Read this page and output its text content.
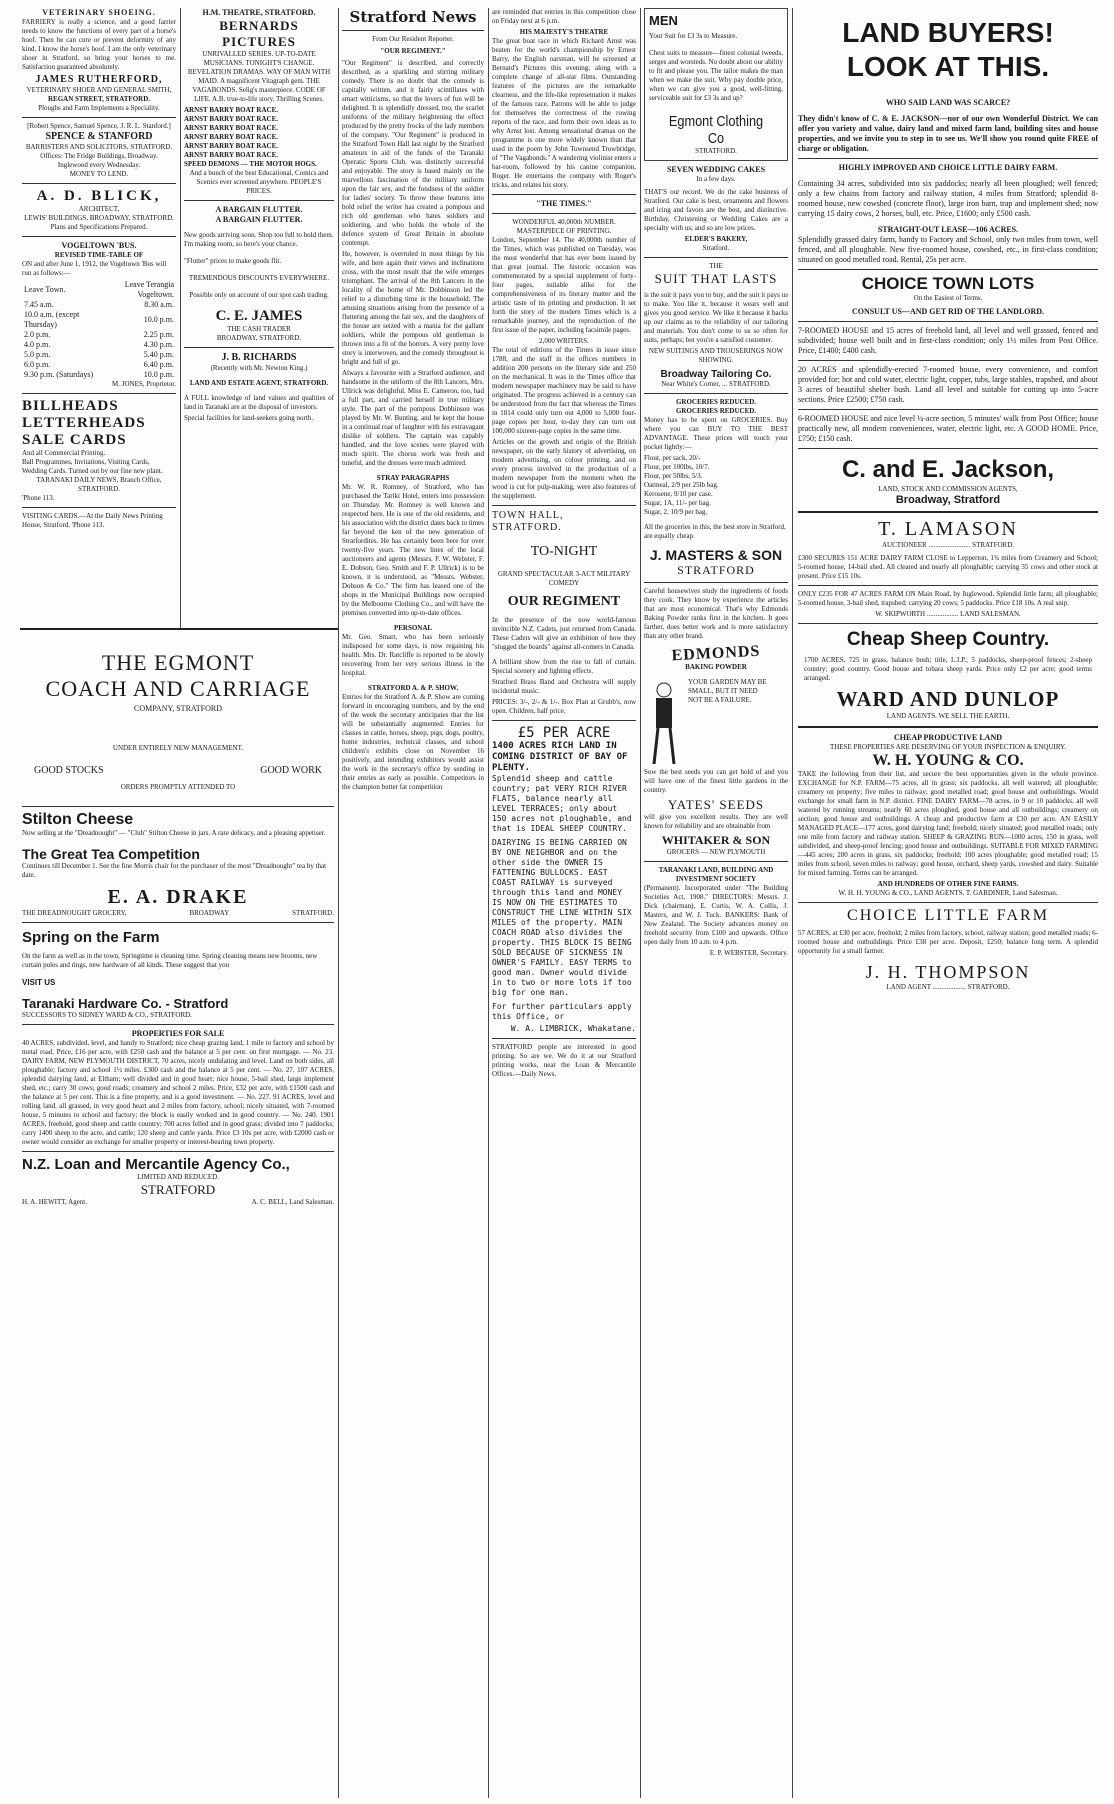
VETERINARY SHOEING.

FARRIERY is really a science, and a good farrier needs to know the functions of every part of a horse's hoof. Then he can cure or prevent deformity of any kind. I know the horse's hoof. I am the only veterinary shoer in Stratford, so bring your horses to me. Satisfaction guaranteed absolutely.

JAMES RUTHERFORD,
VETERINARY SHOER AND GENERAL SMITH,
REGAN STREET, STRATFORD.
Ploughs and Farm Implements a Speciality.
[Robert Spence, Samuel Spence, J. R. L. Stanford.]
SPENCE & STANFORD
BARRISTERS AND SOLICITORS, STRATFORD.
Offices: The Fridge Buildings, Broadway.
Inglewood every Wednesday.
MONEY TO LEND.
A. D. BLICK,
ARCHITECT,
LEWIS' BUILDINGS, BROADWAY, STRATFORD.
Plans and Specifications Prepared.
VOGELTOWN 'BUS.
REVISED TIME-TABLE OF

ON and after June 1, 1912, the Vogeltown 'Bus will run as follows:—

Leave Town.	Leave Terangia Vogeltown.
7.45 a.m.	8.30 a.m.
10.0 a.m. (except Thursday)	10.0 p.m.
2.0 p.m.	2.25 p.m.
4.0 p.m.	4.30 p.m.
5.0 p.m.	5.40 p.m.
6.0 p.m.	6.40 p.m.
9.30 p.m. (Saturdays)	10.0 p.m.
M. JONES, Proprietor.
BILLHEADS
LETTERHEADS
SALE CARDS
And all Commercial Printing.
Ball Programmes, Invitations, Visiting Cards, Wedding Cards. Turned out by our fine new plant.
TARANAKI DAILY NEWS, Branch Office, STRATFORD.
'Phone 113.
VISITING CARDS.—At the Daily News Printing House, Stratford. 'Phone 113.
H.M. THEATRE, STRATFORD.
BERNARDS PICTURES

UNRIVALLED SERIES. UP-TO-DATE MUSICIANS. TONIGHT'S CHANGE. REVELATION DRAMAS. WAY OF MAN WITH MAID. A magnificent Vitagraph gem. THE VAGABONDS. Selig's masterpiece. CODE OF LIFE. A.B. true-to-life story. Thrilling Scenes.

ARNST BARRY BOAT RACE.
ARNST BARRY BOAT RACE.
ARNST BARRY BOAT RACE.
ARNST BARRY BOAT RACE.
ARNST BARRY BOAT RACE.
ARNST BARRY BOAT RACE.
SPEED DEMONS — THE MOTOR HOGS.

And a bunch of the best Educational, Comics and Scenics ever screened anywhere. PEOPLE'S PRICES.

A BARGAIN FLUTTER.
A BARGAIN FLUTTER.

New goods arriving soon. Shop too full to hold them. I'm making room, so here's your chance.

"Flutter" prices to make goods flit.

TREMENDOUS DISCOUNTS EVERYWHERE.

Possible only on account of our spot cash trading.

C. E. JAMES
THE CASH TRADER
BROADWAY, STRATFORD.
J. B. RICHARDS
(Recently with Mr. Newton King.)
LAND AND ESTATE AGENT, STRATFORD.

A FULL knowledge of land values and qualities of land in Taranaki are at the disposal of investors.

Special facilities for land-seekers going north.

THE EGMONT
COACH AND CARRIAGE
COMPANY, STRATFORD
UNDER ENTIRELY NEW MANAGEMENT.
GOOD STOCKS	GOOD WORK
ORDERS PROMPTLY ATTENDED TO
Stilton Cheese

Now selling at the "Dreadnought" — "Club" Stilton Cheese in jars. A rare delicacy, and a pleasing appetiser.

The Great Tea Competition

Continues till December 1. See the fine Morris chair for the purchaser of the most "Dreadnought" tea by that date.

E. A. DRAKE
THE DREADNOUGHT GROCERY,	BROADWAY	STRATFORD.
Spring on the Farm

On the farm as well as in the town, Springtime is cleaning time. Spring cleaning means new brooms, new curtain poles and rings, new hardware of all kinds. These suggest that you

VISIT US
Taranaki Hardware Co. - Stratford
SUCCESSORS TO SIDNEY WARD & CO., STRATFORD.
PROPERTIES FOR SALE

40 ACRES, subdivided, level, and handy to Stratford; nice cheap grazing land, 1 mile to factory and school by metal road. Price, £16 per acre, with £250 cash and the balance at 5 per cent. on first mortgage. — No. 23. DAIRY FARM, NEW PLYMOUTH DISTRICT, 70 acres, nicely undulating and level. Land on both sides, all ploughable; factory and school 1½ miles. £300 cash and the balance at 5 per cent. — No. 27. 107 ACRES, splendid dairying land, at Eltham; well divided and in good heart; nice house, 5-bail shed, large implement shed, etc.; carry 30 cows; good roads; creamery and school 2 miles. Price, £32 per acre, with £1500 cash and the balance at 5 per cent. This is a fine property, and is a good investment. — No. 227. 91 ACRES, level and rolling land, all grassed, in very good heart and 2 miles from factory, school; nicely situated, with 7-roomed house, 5 minutes to school and factory; the block is easily worked and in good country. — No. 240. 1901 ACRES, freehold, good sheep and cattle country; 700 acres felled and in good grass; divided into 7 paddocks; carry 1400 sheep to the acre, and cattle; 120 sheep and cattle yards. Price £3 10s per acre, with £2000 cash or owner would consider an exchange for smaller property or interest-bearing town property.

N.Z. Loan and Mercantile Agency Co.,
LIMITED AND REDUCED.
STRATFORD
H. A. HEWITT, Agent.	A. C. BELL, Land Salesman.
Stratford News
From Our Resident Reporter.
"OUR REGIMENT."

"Our Regiment" is described, and correctly described, as a sparkling and stirring military comedy. There is no doubt that the comedy is capitally written, and it fairly scintillates with smart witticisms, so that the lovers of fun will be delighted. It is splendidly dressed, too, the scarlet uniforms of the military heightening the effect produced by the pretty frocks of the lady members of the company. "Our Regiment" is produced in the Stratford Town Hall last night by the Stratford amateurs in aid of the funds of the Taranaki Operatic Sports Club, was distinctly successful and enjoyable. The story is based mainly on the marvellous fascination of the military uniform upon the fair sex, and the fondness of the soldier for ladies' society. To throw these features into bold relief the writer has created a pompous and rich old gentleman who hates soldiers and soldiering, and who holds the whole of the defence system of Great Britain in absolute contempt.

He, however, is overruled in most things by his wife, and here again their views and inclinations cross, with the most result that the wife emerges triumphant. The arrival of the 8th Lancers in the locality of the home of Mr. Dobbinson led the relief to a disturbing time in the household. The amusing situations arising from the presence of a fluttering among the fair sex, and the daughters of the house are seized with a mania for the gallant soldiers, while the pompous old gentleman is thrown into a fit of the horrors. A very pretty love story is interwoven, and the comedy throughout is bright and full of go.

Always a favourite with a Stratford audience, and handsome in the uniform of the 8th Lancers, Mrs. Ullrick was delightful. Miss E. Cameron, too, had a full part, and carried herself in true military style. The part of the pompous Dobbinson was played by Mr. W. Bunting, and he kept the house in a continual roar of laughter with his extravagant dislike of soldiers. The captain was capably handled, and the love scenes were played with much spirit. The chorus work was fresh and tuneful, and the dresses were much admired.

STRAY PARAGRAPHS

Mr. W. R. Romney, of Stratford, who has purchased the Tariki Hotel, enters into possession on Thursday. Mr. Romney is well known and respected here. He is one of the old residents, and his association with the district dates back to times far beyond the ken of the new generation of Stratfordites. He has certainly been here for over twenty-five years. The new lines of the local auctioneers and agents (Messrs. F. W. Webster, F. E. Dobson, Geo. Smith and F. P. Ullrick) is to be known, it is understood, as "Messrs. Webster, Dobson & Co." The firm has leased one of the shops in the Municipal Buildings now occupied by the Melbourne Clothing Co., and will have the premises converted into up-to-date offices.

PERSONAL

Mr. Geo. Smart, who has been seriously indisposed for some days, is now regaining his health. Mrs. Dr. Ratcliffe is reported to be slowly recovering from her very serious illness in the hospital.

STRATFORD A. & P. SHOW.

Entries for the Stratford A. & P. Show are coming forward in encouraging numbers, and by the end of the week the secretary anticipates that the list will be substantially augmented. Entries for classes in cattle, horses, sheep, pigs, dogs, poultry, home industries, technical classes, and school children's exhibits close on November 16 positively, and intending exhibitors would assist the work in the secretary's office by sending in their entries as early as possible. Competitors in the champion butter fat competition

are reminded that entries in this competition close on Friday next at 6 p.m.

HIS MAJESTY'S THEATRE

The great boat race in which Richard Arnst was beaten for the world's championship by Ernest Barry, the English oarsman, will be screened at Bernard's Pictures this evening, along with a complete change of all-star films. Outstanding features of the pictures are the remarkable clearness, and the life-like representation it makes of the famous race. Patrons will be able to judge for themselves the correctness of the rowing reports of the race, and form their own ideas as to why Arnst lost. Among sensational dramas on the programme is one more widely known than that used in the poem by John Townsend Trowbridge, of "The Vagabonds." A wandering violinist enters a bar-room, followed by his canine companion, Roger. He entertains the company with Roger's tricks, and relates his story.

"THE TIMES."
WONDERFUL 40,000th NUMBER.
MASTERPIECE OF PRINTING.

London, September 14. The 40,000th number of the Times, which was published on Tuesday, was the most wonderful that has ever been issued by that great journal. The historic occasion was commemorated by a special supplement of forty-four pages, suitable alike for the comprehensiveness of its literary matter and the artistic taste of its printing and production. It set forth the story of the modern Times which is a remarkable journey, and the reproduction of the first issue of the paper, including facsimile pages.

2,000 WRITERS.

The total of editions of the Times in issue since 1788, and the staff in the offices numbers in addition 200 persons on the literary side and 250 on the mechanical. It was in the Times office that modern newspaper machinery may be said to have originated. The progress achieved in a century can be understood from the fact that whereas the Times in 1814 could only turn out 4,000 to 5,000 four-page copies per hour, to-day they can turn out 100,000 sixteen-page copies in the same time.

Articles on the growth and origin of the British newspaper, on the early history of advertising, on modern advertising, on colour printing, and on every process involved in the production of a modern newspaper from the moment when the wood is cut for pulp-making, were also features of the supplement.

TOWN HALL, STRATFORD.
TO-NIGHT
GRAND SPECTACULAR 3-ACT MILITARY COMEDY
OUR REGIMENT

In the presence of the now world-famous invincible N.Z. Cadets, just returned from Canada. These Cadets will give an exhibition of how they "slugged the boards" against all-comers in Canada.

A brilliant show from the rise to fall of curtain. Special scenery and lighting effects.

Stratford Brass Band and Orchestra will supply incidental music.

PRICES: 3/-, 2/- & 1/-. Box Plan at Grubb's, now open. Children, half price.

£5 PER ACRE
1400 ACRES RICH LAND IN COMING DISTRICT OF BAY OF PLENTY.

Splendid sheep and cattle country; pat VERY RICH RIVER FLATS, balance nearly all LEVEL TERRACES; only about 150 acres not ploughable, and that is IDEAL SHEEP COUNTRY.

DAIRYING IS BEING CARRIED ON BY ONE NEIGHBOR and on the other side the OWNER IS FATTENING BULLOCKS. EAST COAST RAILWAY is surveyed through this land and MONEY IS NOW ON THE ESTIMATES TO CONSTRUCT THE LINE WITHIN SIX MILES of the property. MAIN COACH ROAD also divides the property. THIS BLOCK IS BEING SOLD BECAUSE OF SICKNESS IN OWNER'S FAMILY. EASY TERMS to good man. Owner would divide in to two or more lots if too big for one man.

For further particulars apply this Office, or

W. A. LIMBRICK, Whakatane.

STRATFORD people are interested in good printing. So are we. We do it at our Stratford printing works, near the Loan & Mercantile Offices.—Daily News.

MEN
Your Suit for £3 3s to Measure.

Chest suits to measure—finest colonial tweeds, serges and worsteds. No doubt about our ability to fit and please you. The tailor makes the man when we make the suit. Why pay double price, when we can give you a good, well-fitting, serviceable suit for £3 3s and up?

Egmont Clothing Co
STRATFORD.
SEVEN WEDDING CAKES
In a few days.

THAT'S our record. We do the cake business of Stratford. Our cake is best, ornaments and flowers and icing and favors are the best, and distinctive. Birthday, Christening or Wedding Cakes are a specialty with us; and so are low prices.

ELDER'S BAKERY,
Stratford.
THE
SUIT THAT LASTS

is the suit it pays you to buy, and the suit it pays us to make. You like it, because it wears well and gives you good service. We like it because it backs up our claims as to the reliability of our tailoring and materials. You don't come to us so often for suits, perhaps; but you're a satisfied customer.

NEW SUITINGS AND TROUSERINGS NOW SHOWING.
Broadway Tailoring Co.
Near White's Corner, ... STRATFORD.
GROCERIES REDUCED.
GROCERIES REDUCED.

Money has to be spent on GROCERIES. Buy where you can BUY TO THE BEST ADVANTAGE. These prices will touch your pocket lightly:—

Flour, per sack, 20/-
Flour, per 100lbs, 10/7.
Flour, per 50lbs, 5/3.
Oatmeal, 2/9 per 25lb bag.
Kerosene, 9/10 per case.
Sugar, 1A, 11/- per bag.
Sugar, 2, 10/9 per bag.

All the groceries in this, the best store in Stratford, are equally cheap.

J. MASTERS & SON
STRATFORD

Careful housewives study the ingredients of foods they cook. They know by experience the articles that are most economical. That's why Edmonds Baking Powder ranks first in the kitchen. It goes farther, does better work and is more satisfactory than any other brand.

EDMONDS
BAKING POWDER
YOUR GARDEN MAY BE
SMALL, BUT IT NEED
NOT BE A FAILURE.

Sow the best seeds you can get hold of and you will have one of the finest little gardens in the country.

YATES' SEEDS

will give you excellent results. They are well known for reliability and are obtainable from

WHITAKER & SON
GROCERS — NEW PLYMOUTH
TARANAKI LAND, BUILDING AND INVESTMENT SOCIETY

(Permanent). Incorporated under "The Building Societies Act, 1908." DIRECTORS: Messrs. J. Dick (chairman), E. Curtis, W. A. Collis, J. Masters, and W. J. Tuck. BANKERS: Bank of New Zealand. The Society advances money on freehold security from £100 and upwards. Office open daily from 10 a.m. to 4 p.m.

E. P. WEBSTER, Secretary.
LAND BUYERS!
LOOK AT THIS.
WHO SAID LAND WAS SCARCE?

They didn't know of C. & E. JACKSON—nor of our own Wonderful District. We can offer you variety and value, dairy land and mixed farm land, building sites and house properties, and we invite you to step in to see us. We'll show you round quite FREE of charge or obligation.

HIGHLY IMPROVED AND CHOICE LITTLE DAIRY FARM.

Containing 34 acres, subdivided into six paddocks; nearly all been ploughed; well fenced; only a few chains from factory and railway station, 4 miles from Stratford; splendid 8-roomed house, new cowshed (concrete floor), large iron barn, trap and implement shed; now carrying 15 dairy cows, 2 horses, bull, etc. Price, £1600; only £500 cash.

STRAIGHT-OUT LEASE—106 ACRES.

Splendidly grassed dairy farm, handy to Factory and School, only two miles from town, well fenced, and all ploughable. New five-roomed house, cowshed, etc., in first-class condition; situated on good metalled road. Rental, 25s per acre.

CHOICE TOWN LOTS
On the Easiest of Terms.
CONSULT US—AND GET RID OF THE LANDLORD.

7-ROOMED HOUSE and 15 acres of freehold land, all level and well grassed, fenced and subdivided; house well built and in first-class condition; only 1½ miles from Post Office. Price, £1400; £400 cash.

20 ACRES and splendidly-erected 7-roomed house, every convenience, and comfort provided for; hot and cold water, electric light, copper, tubs, large stables, trapshed, and about 3 acres of beautiful shelter bush. Land all level and suitable for cutting up into 5-acre sections. Price £2500; £750 cash.

6-ROOMED HOUSE and nice level ¼-acre section, 5 minutes' walk from Post Office; house practically new, all modern conveniences, water, electric light, etc. A GOOD HOME. Price, £750; £150 cash.

C. and E. Jackson,
LAND, STOCK AND COMMISSION AGENTS,
Broadway, Stratford
T. LAMASON
AUCTIONEER ........................ STRATFORD.

£300 SECURES 151 ACRE DAIRY FARM CLOSE to Lepperton, 1¾ miles from Creamery and School; 5-roomed house, 14-bail shed. All cleared and nearly all ploughable; carrying 35 cows and other stock at present. Price £15 10s.

ONLY £235 FOR 47 ACRES FARM ON Main Road, by Inglewood. Splendid little farm; all ploughable; 5-roomed house, 3-bail shed, trapshed; carrying 20 cows; 5 paddocks. Price £18 10s. A real snip.

W. SKIPWORTH .................. LAND SALESMAN.
Cheap Sheep Country.

1700 ACRES, 725 in grass, balance bush; title, L.I.P.; 5 paddocks, sheep-proof fences; 2-sheep country; good country. Good house and tobara sheep yards. Price only £2 per acre; good terms arranged.

WARD AND DUNLOP
LAND AGENTS. WE SELL THE EARTH.
CHEAP PRODUCTIVE LAND
THESE PROPERTIES ARE DESERVING OF YOUR INSPECTION & ENQUIRY.
W. H. YOUNG & CO.

TAKE the following from their list, and secure the best opportunities given in the whole province. EXCHANGE for N.P. FARM—75 acres, all in grass; six paddocks, all well watered; all ploughable; creamery on property; five miles to railway; good metalled road; good house and outbuildings. Would exchange for small farm in N.P. district. FINE DAIRY FARM—78 acres, in 9 or 10 paddocks, all well watered by running streams; nearly 60 acres ploughed, good house and all outbuildings; creamery on section; good house and outbuildings. A cheap and productive farm at £30 per acre. AN EASILY MANAGED PLACE—177 acres, good dairying land; freehold; nicely situated; good metalled roads; only one mile from factory and railway station. SHEEP & GRAZING RUN—1000 acres, 150 in grass, well subdivided, and sheep-proof fencing; good house and outbuildings. SUITABLE FOR MIXED FARMING—445 acres; 200 acres in grass, six paddocks; freehold; 100 acres ploughable; good metalled road; 15 miles from school, seven miles to railway; good house, orchard, sheep yards, cowshed and dairy. Suitable for mixed farming. Terms can be arranged.

AND HUNDREDS OF OTHER FINE FARMS.
W. H. H. YOUNG & CO., LAND AGENTS. T. GARDINER, Land Salesman.
CHOICE LITTLE FARM

57 ACRES, at £30 per acre, freehold; 2 miles from factory, school, railway station; good metalled roads; 6-roomed house and outbuildings. Price £38 per acre. Deposit, £250; balance long term. A splendid opportunity for a small farmer.

J. H. THOMPSON
LAND AGENT ................... STRATFORD.
